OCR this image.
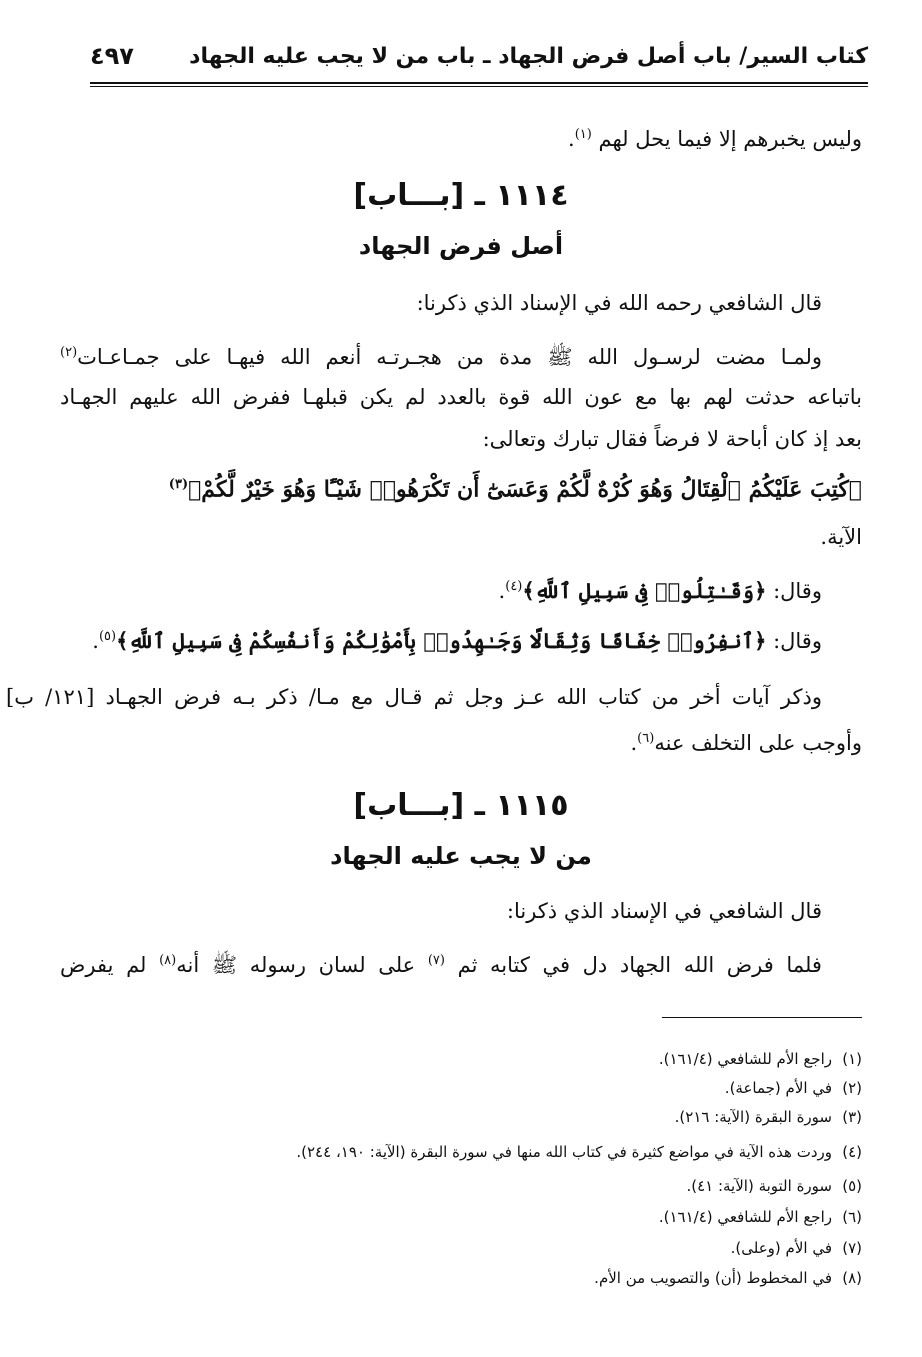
كتاب السير/ باب أصل فرض الجهاد ـ باب من لا يجب عليه الجهاد
٤٩٧
وليس يخبرهم إلا فيما يحل لهم $^{(١)}$.
١١١٤ ـ [بـــاب]
أصل فرض الجهاد
قال الشافعي رحمه الله في الإسناد الذي ذكرنا:
ولمـا مضت لرسـول الله ﷺ مدة من هجـرتـه أنعم الله فيهـا على جمـاعـات$^{(٢)}$
باتباعه حدثت لهم بها مع عون الله قوة بالعدد لم يكن قبلهـا ففرض الله عليهم الجهـاد
بعد إذ كان أباحة لا فرضاً فقال تبارك وتعالى:
﴿كُتِبَ عَلَيْكُمُ ٱلْقِتَالُ وَهُوَ كُرْهٌ لَّكُمْ وَعَسَىٰٓ أَن تَكْرَهُوا۟ شَيْـًٔا وَهُوَ خَيْرٌ لَّكُمْ﴾$^{(٣)}$
الآية.
وقال: ﴿وَقَـٰتِلُوا۟ فِى سَبِيلِ ٱللَّهِ﴾$^{(٤)}$.
وقال: ﴿ٱنفِرُوا۟ خِفَافًا وَثِقَالًا وَجَـٰهِدُوا۟ بِأَمْوَٰلِكُمْ وَأَنفُسِكُمْ فِى سَبِيلِ ٱللَّهِ﴾$^{(٥)}$.
وذكر آيات أخر من كتاب الله عـز وجل ثم قـال مع مـا/ ذكر بـه فرض الجهـاد [١٢١/ ب]
وأوجب على التخلف عنه$^{(٦)}$.
١١١٥ ـ [بـــاب]
من لا يجب عليه الجهاد
قال الشافعي في الإسناد الذي ذكرنا:
فلما فرض الله الجهاد دل في كتابه ثم $^{(٧)}$ على لسان رسوله ﷺ أنه$^{(٨)}$ لم يفرض
(١)راجع الأم للشافعي (١٦١/٤).
(٢)في الأم (جماعة).
(٣)سورة البقرة (الآية: ٢١٦).
(٤)وردت هذه الآية في مواضع كثيرة في كتاب الله منها في سورة البقرة (الآية: ١٩٠، ٢٤٤).
(٥)سورة التوبة (الآية: ٤١).
(٦)راجع الأم للشافعي (١٦١/٤).
(٧)في الأم (وعلى).
(٨)في المخطوط (أن) والتصويب من الأم.
